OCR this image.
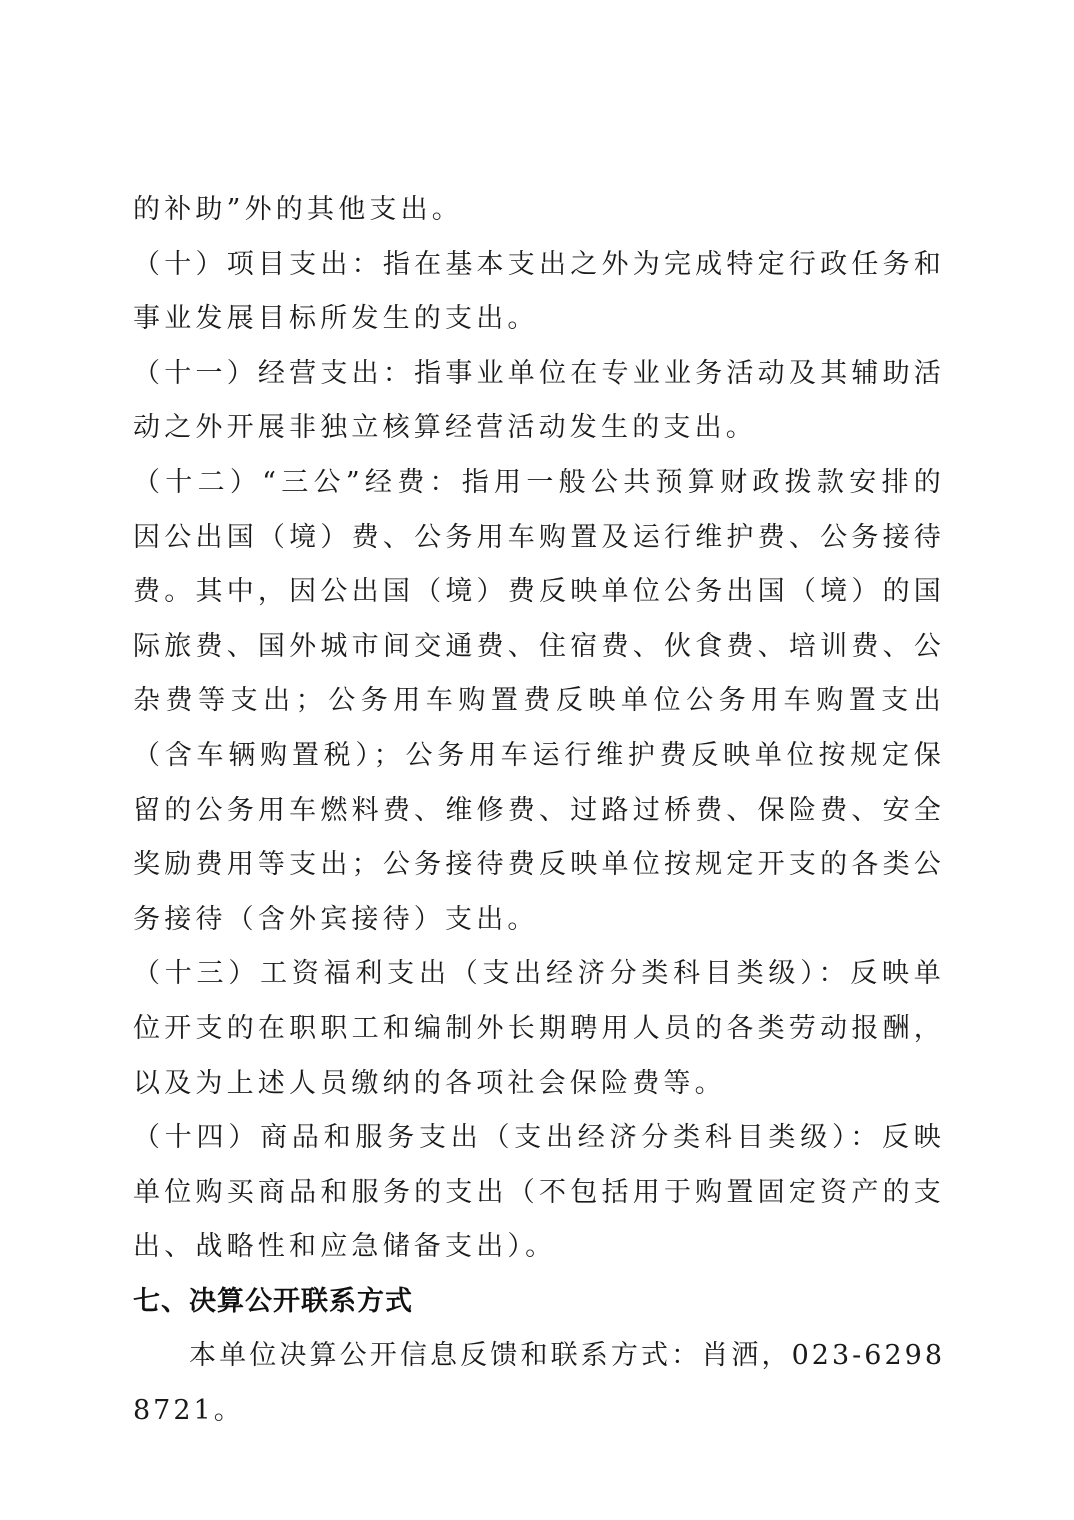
的补助”外的其他支出。

（十）项目支出：指在基本支出之外为完成特定行政任务和事业发展目标所发生的支出。

（十一）经营支出：指事业单位在专业业务活动及其辅助活动之外开展非独立核算经营活动发生的支出。

（十二）“三公”经费：指用一般公共预算财政拨款安排的因公出国（境）费、公务用车购置及运行维护费、公务接待费。其中，因公出国（境）费反映单位公务出国（境）的国际旅费、国外城市间交通费、住宿费、伙食费、培训费、公杂费等支出；公务用车购置费反映单位公务用车购置支出（含车辆购置税）；公务用车运行维护费反映单位按规定保留的公务用车燃料费、维修费、过路过桥费、保险费、安全奖励费用等支出；公务接待费反映单位按规定开支的各类公务接待（含外宾接待）支出。

（十三）工资福利支出（支出经济分类科目类级）：反映单位开支的在职职工和编制外长期聘用人员的各类劳动报酬，以及为上述人员缴纳的各项社会保险费等。

（十四）商品和服务支出（支出经济分类科目类级）：反映单位购买商品和服务的支出（不包括用于购置固定资产的支出、战略性和应急储备支出）。

七、决算公开联系方式

本单位决算公开信息反馈和联系方式：肖洒，023-62988721。
